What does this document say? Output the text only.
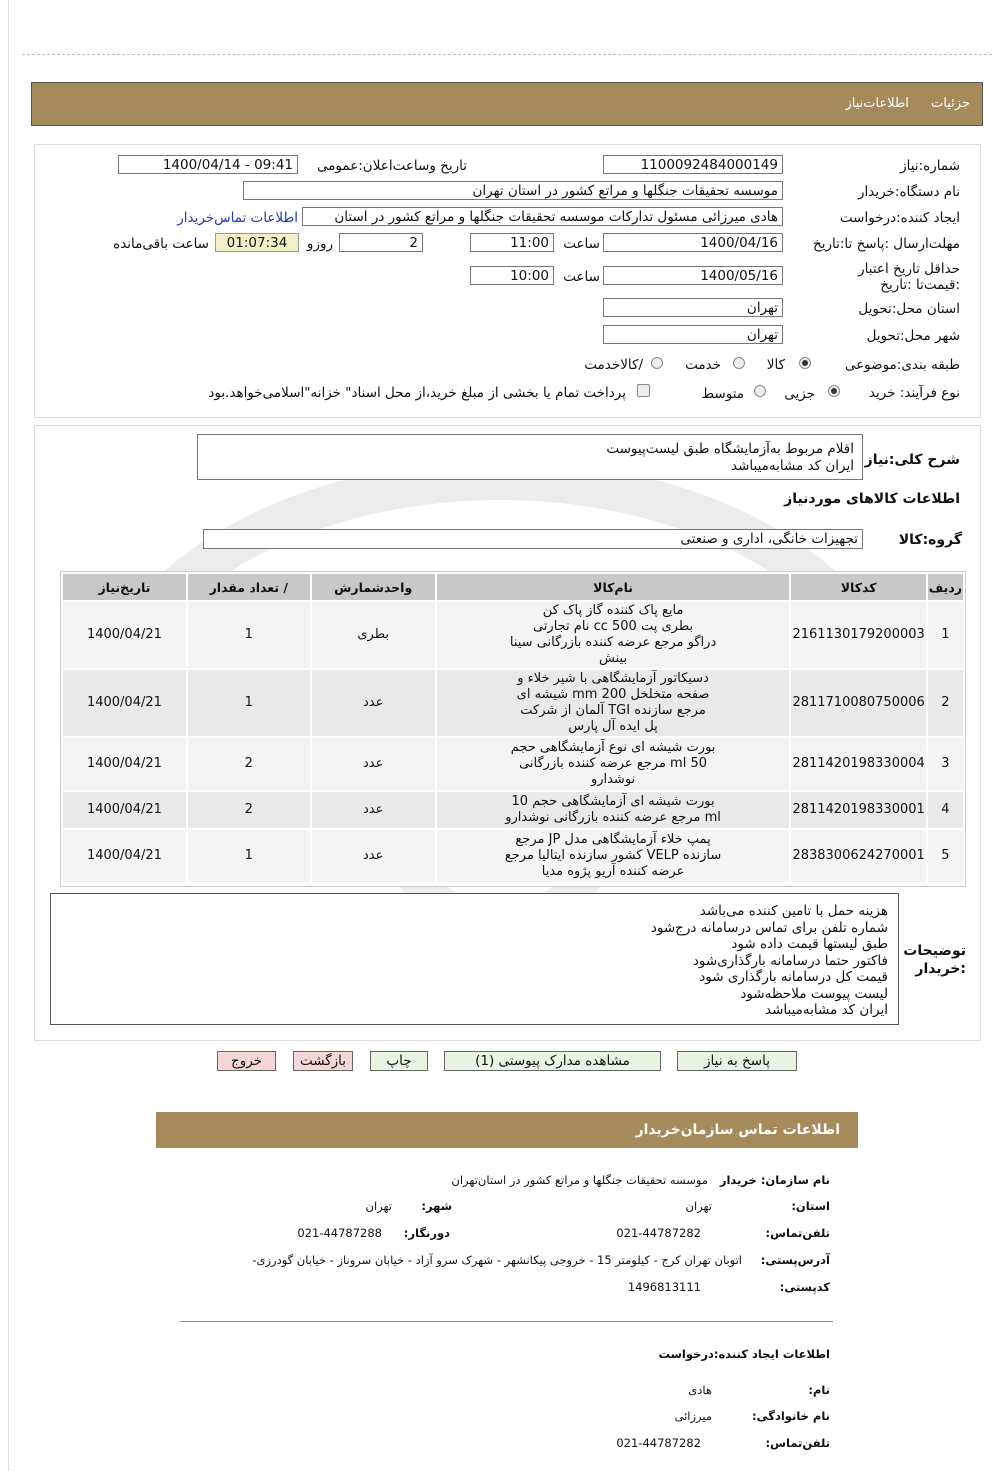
جزئیات اطلاعات‌نیاز
شماره:نیاز
1100092484000149
تاریخ وساعت‌اعلان:عمومی
1400/04/14 - 09:41
نام دستگاه:خریدار
موسسه تحقیقات جنگلها و مراتع کشور در استان تهران
ایجاد کننده:درخواست
هادی میرزائی مسئول تدارکات موسسه تحقیقات جنگلها و مراتع کشور در استان
اطلاعات تماس‌خریدار
مهلت‌ارسال :پاسخ تا:تاریخ
1400/04/16
ساعت
11:00
2
روزو
01:07:34
ساعت باقی‌مانده
حداقل تاریخ اعتبار :قیمت‌تا :تاریخ
1400/05/16
ساعت
10:00
استان محل:تحویل
تهران
شهر محل:تحویل
تهران
طبقه بندی:موضوعی
کالا
خدمت
/کالاخدمت
نوع فرآیند: خرید
جزیی
متوسط
پرداخت تمام یا بخشی از مبلغ خرید،از محل اسناد" خزانه"اسلامی‌خواهد.بود
شرح کلی:نیاز
اقلام مربوط به‌آزمایشگاه طبق لیست‌پیوست
ایران کد مشابه‌میباشد
اطلاعات کالاهای موردنیاز
گروه:کالا
تجهیزات خانگی، اداری و صنعتی
ردیف	کدکالا	نام‌کالا	واحدشمارش	/ تعداد مقدار	تاریخ‌نیاز
1	2161130179200003	مایع پاک کننده گاز پاک کن
بطری پت 500 cc نام تجارتی
دراگو مرجع عرضه کننده بازرگانی سینا
بینش	بطری	1	1400/04/21
2	2811710080750006	دسیکاتور آزمایشگاهی با شیر خلاء و
صفحه متخلخل 200 mm شیشه ای
مرجع سازنده TGI آلمان از شرکت
پل ایده آل پارس	عدد	1	1400/04/21
3	2811420198330004	بورت شیشه ای نوع آزمایشگاهی حجم
50 ml مرجع عرضه کننده بازرگانی
نوشدارو	عدد	2	1400/04/21
4	2811420198330001	بورت شیشه ای آزمایشگاهی حجم 10
ml مرجع عرضه کننده بازرگانی نوشدارو	عدد	2	1400/04/21
5	2838300624270001	پمپ خلاء آزمایشگاهی مدل JP مرجع
سازنده VELP کشور سازنده ایتالیا مرجع
عرضه کننده آریو پژوه مدیا	عدد	1	1400/04/21
توضیحات :خریدار
هزینه حمل با تامین کننده می‌باشد
شماره تلفن برای تماس درسامانه درج‌شود
طبق لیستها قیمت داده شود
فاکتور حتما درسامانه بارگذاری‌شود
قیمت کل درسامانه بارگذاری شود
لیست پیوست ملاحظه‌شود
ایران کد مشابه‌میباشد
پاسخ به نیاز
مشاهده مدارک پیوستی (1)
چاپ
بازگشت
خروج
اطلاعات تماس سازمان‌خریدار
نام سازمان: خریدار
موسسه تحقیقات جنگلها و مراتع کشور در استان‌تهران
استان:
تهران
شهر:
تهران
تلفن‌تماس:
021-44787282
دورنگار:
021-44787288
آدرس‌پستی:
اتوبان تهران کرج - کیلومتر 15 - خروجی پیکانشهر - شهرک سرو آزاد - خیابان سروناز - خیابان گودرزی-
کد‌پستی:
1496813111
اطلاعات ایجاد کننده:درخواست
نام:
هادی
نام خانوادگی:
میرزائی
تلفن‌تماس:
021-44787282
